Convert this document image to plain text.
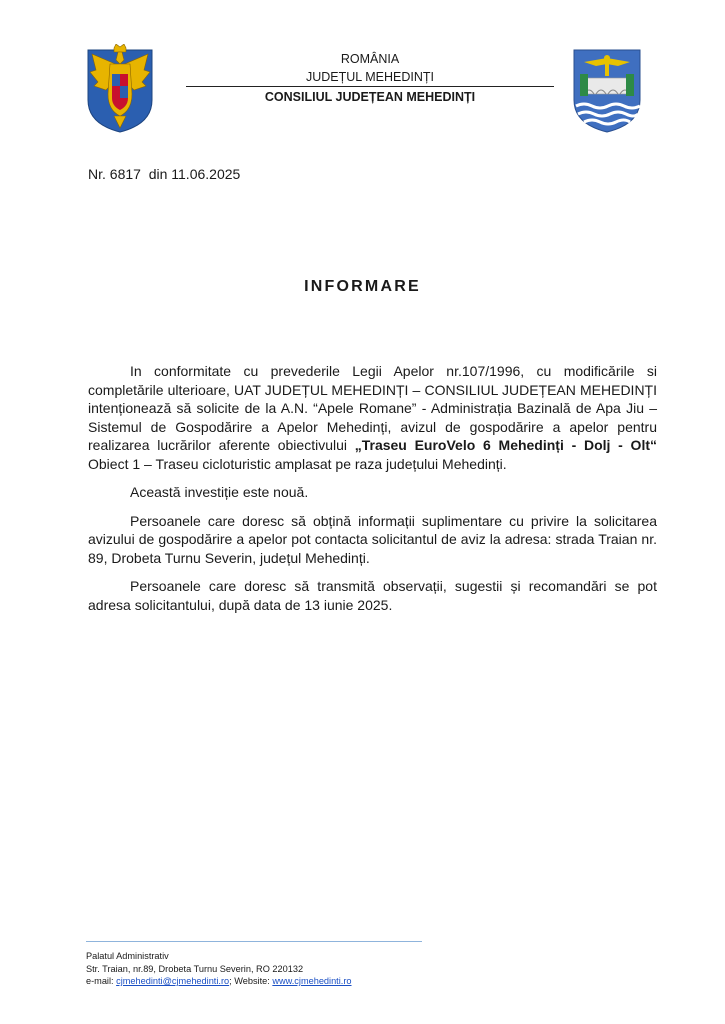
ROMÂNIA
JUDEȚUL MEHEDINȚI
CONSILIUL JUDEȚEAN MEHEDINȚI
Nr. 6817  din 11.06.2025
INFORMARE

In conformitate cu prevederile Legii Apelor nr.107/1996, cu modificările si completările ulterioare, UAT JUDEȚUL MEHEDINȚI – CONSILIUL JUDEȚEAN MEHEDINȚI intenționează să solicite de la A.N. “Apele Romane” - Administrația Bazinală de Apa Jiu – Sistemul de Gospodărire a Apelor Mehedinți, avizul de gospodărire a apelor pentru realizarea lucrărilor aferente obiectivului „Traseu EuroVelo 6 Mehedinți - Dolj - Olt“ Obiect 1 – Traseu cicloturistic amplasat pe raza județului Mehedinți.

Această investiție este nouă.

Persoanele care doresc să obțină informații suplimentare cu privire la solicitarea avizului de gospodărire a apelor pot contacta solicitantul de aviz la adresa: strada Traian nr. 89, Drobeta Turnu Severin, județul Mehedinți.

Persoanele care doresc să transmită observații, sugestii și recomandări se pot adresa solicitantului, după data de 13 iunie 2025.

Palatul Administrativ
Str. Traian, nr.89, Drobeta Turnu Severin, RO 220132
e-mail: cjmehedinti@cjmehedinti.ro; Website: www.cjmehedinti.ro
